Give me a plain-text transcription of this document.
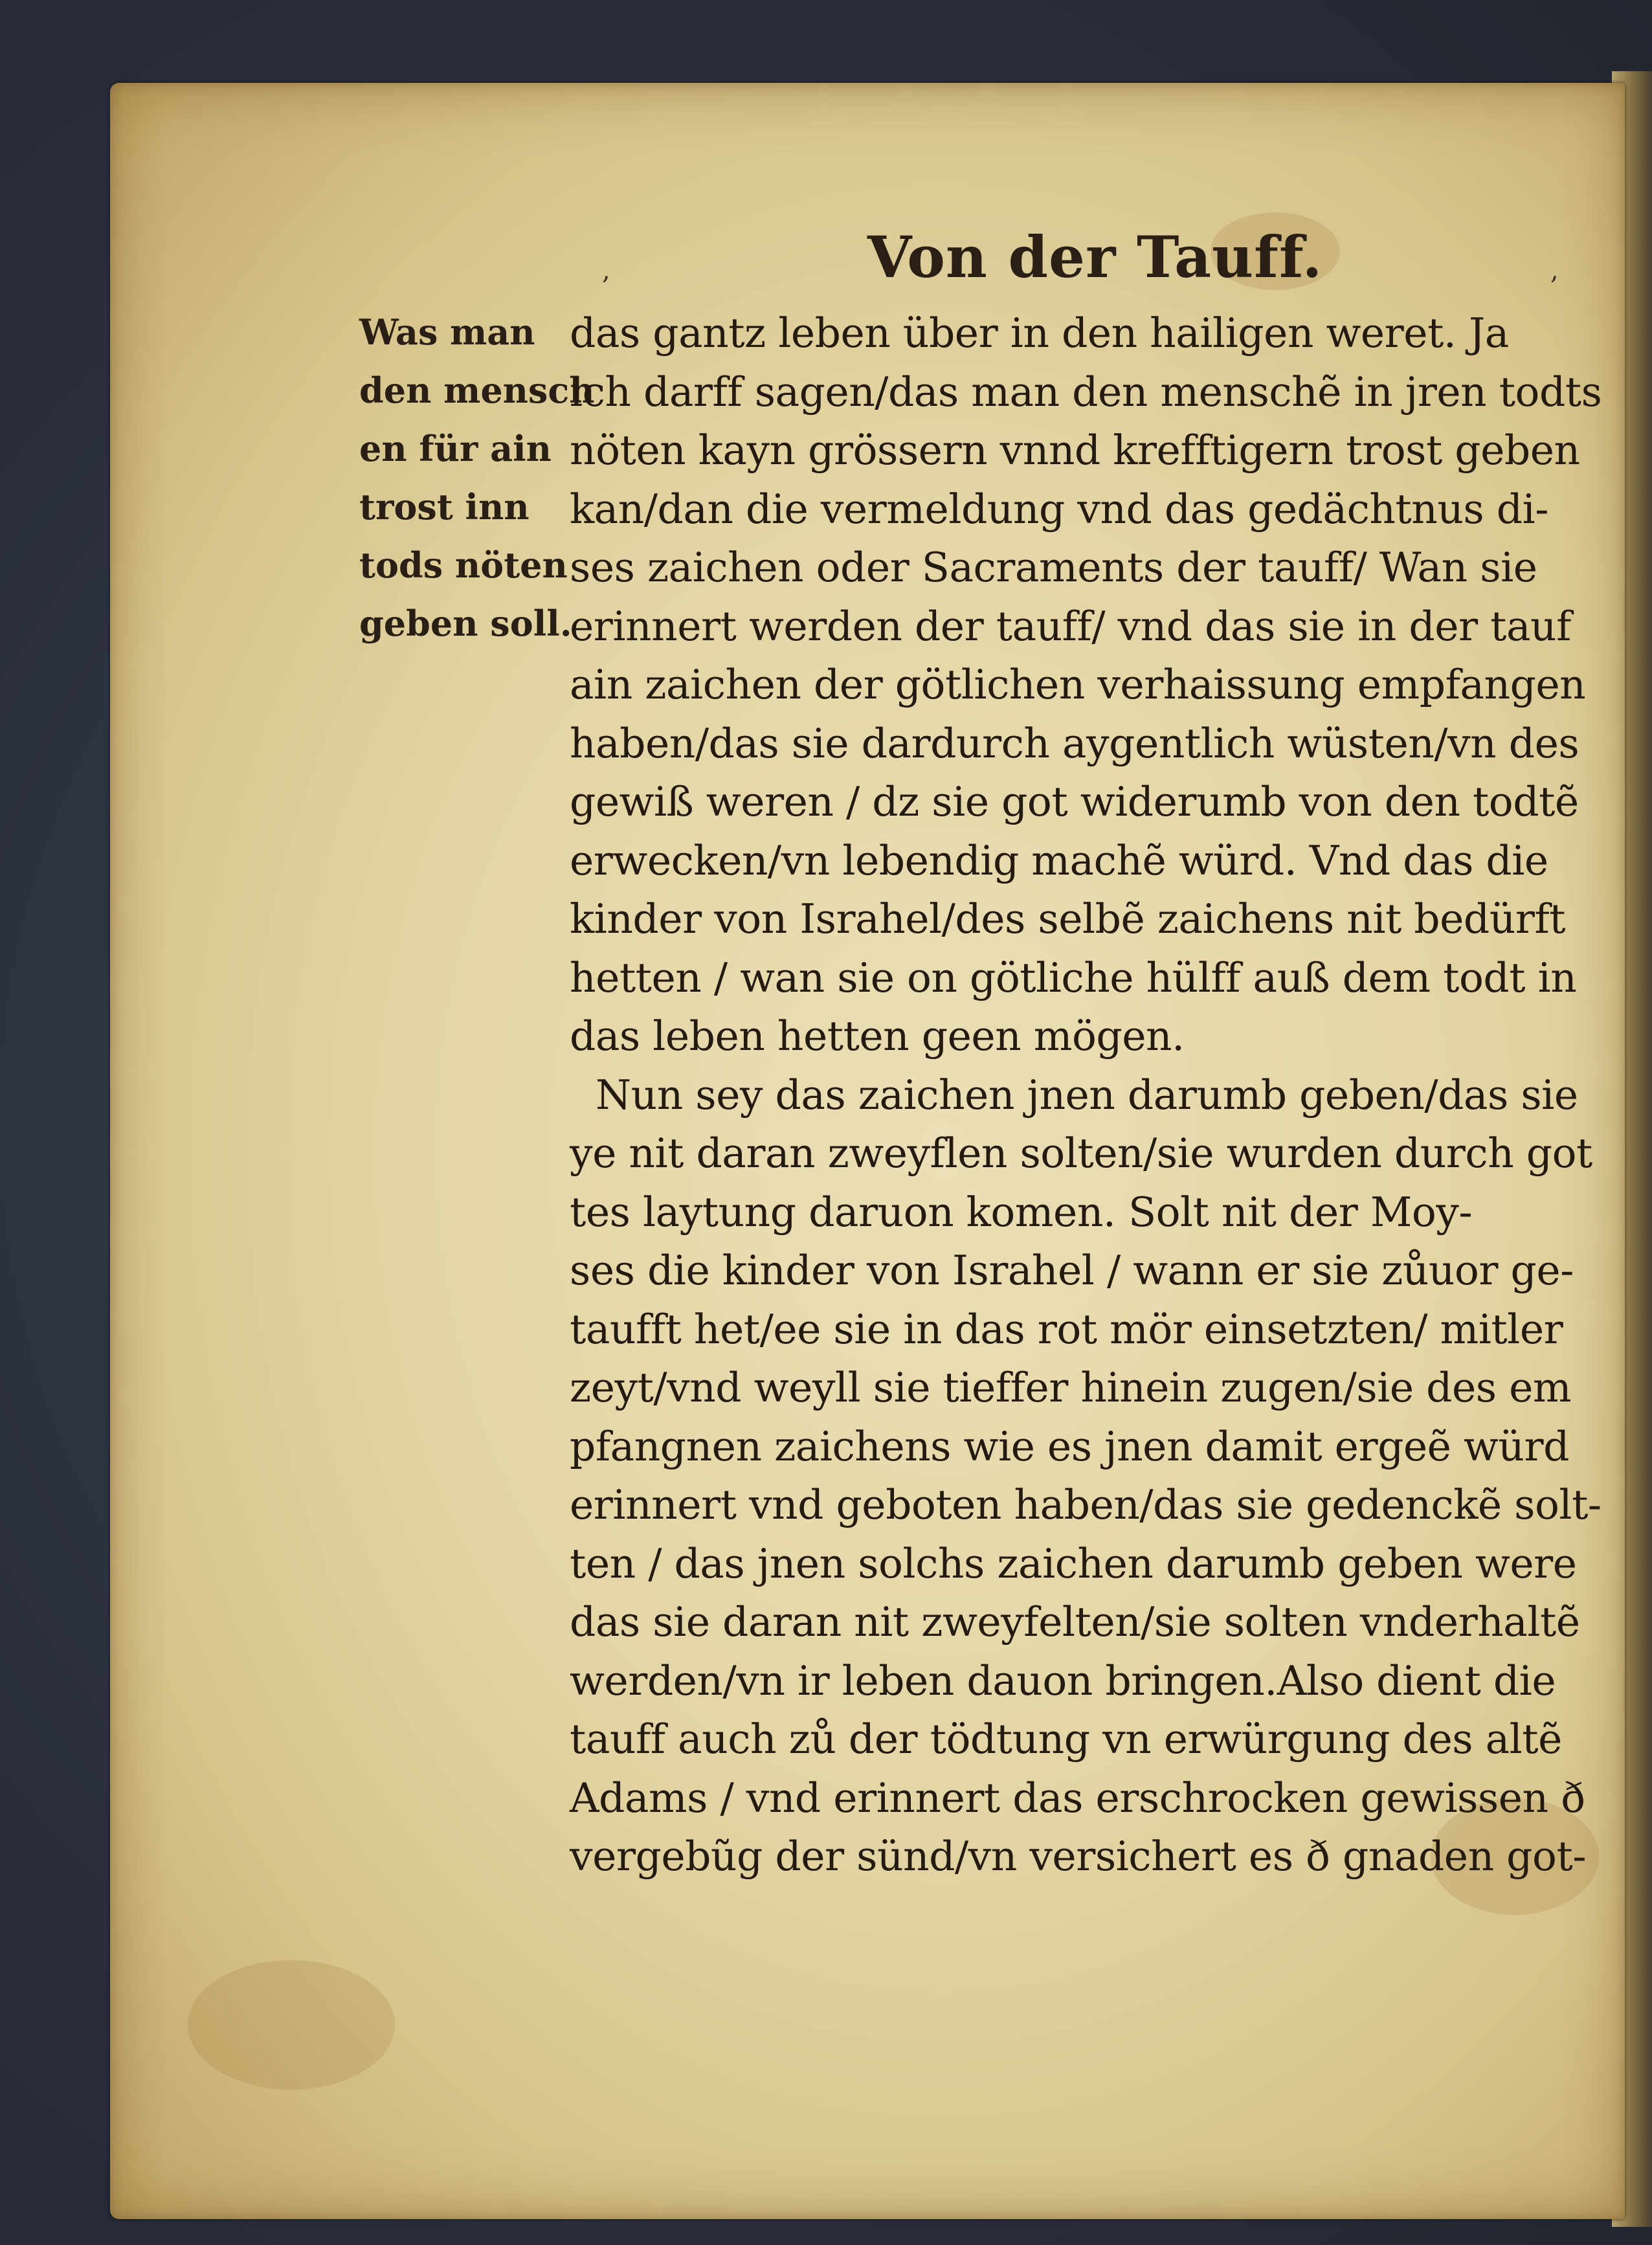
,	,
Von der Tauff.
Was man
den mensch
en für ain
trost inn
tods nöten
geben soll.
das gantz leben über in den hailigen weret. Ja
ich darff sagen/das man den menschẽ in jren todts
nöten kayn grössern vnnd krefftigern trost geben
kan/dan die vermeldung vnd das gedächtnus di-
ses zaichen oder Sacraments der tauff/ Wan sie
erinnert werden der tauff/ vnd das sie in der tauf
ain zaichen der götlichen verhaissung empfangen
haben/das sie dardurch aygentlich wüsten/vn des
gewiß weren / dz sie got widerumb von den todtẽ
erwecken/vn lebendig machẽ würd. Vnd das die
kinder von Israhel/des selbẽ zaichens nit bedürft
hetten / wan sie on götliche hülff auß dem todt in
das leben hetten geen mögen.
Nun sey das zaichen jnen darumb geben/das sie
ye nit daran zweyflen solten/sie wurden durch got
tes laytung daruon komen. Solt nit der Moy-
ses die kinder von Israhel / wann er sie zůuor ge-
taufft het/ee sie in das rot mör einsetzten/ mitler
zeyt/vnd weyll sie tieffer hinein zugen/sie des em
pfangnen zaichens wie es jnen damit ergeẽ würd
erinnert vnd geboten haben/das sie gedenckẽ solt-
ten / das jnen solchs zaichen darumb geben were
das sie daran nit zweyfelten/sie solten vnderhaltẽ
werden/vn ir leben dauon bringen.Also dient die
tauff auch zů der tödtung vn erwürgung des altẽ
Adams / vnd erinnert das erschrocken gewissen ð
vergebũg der sünd/vn versichert es ð gnaden got-
